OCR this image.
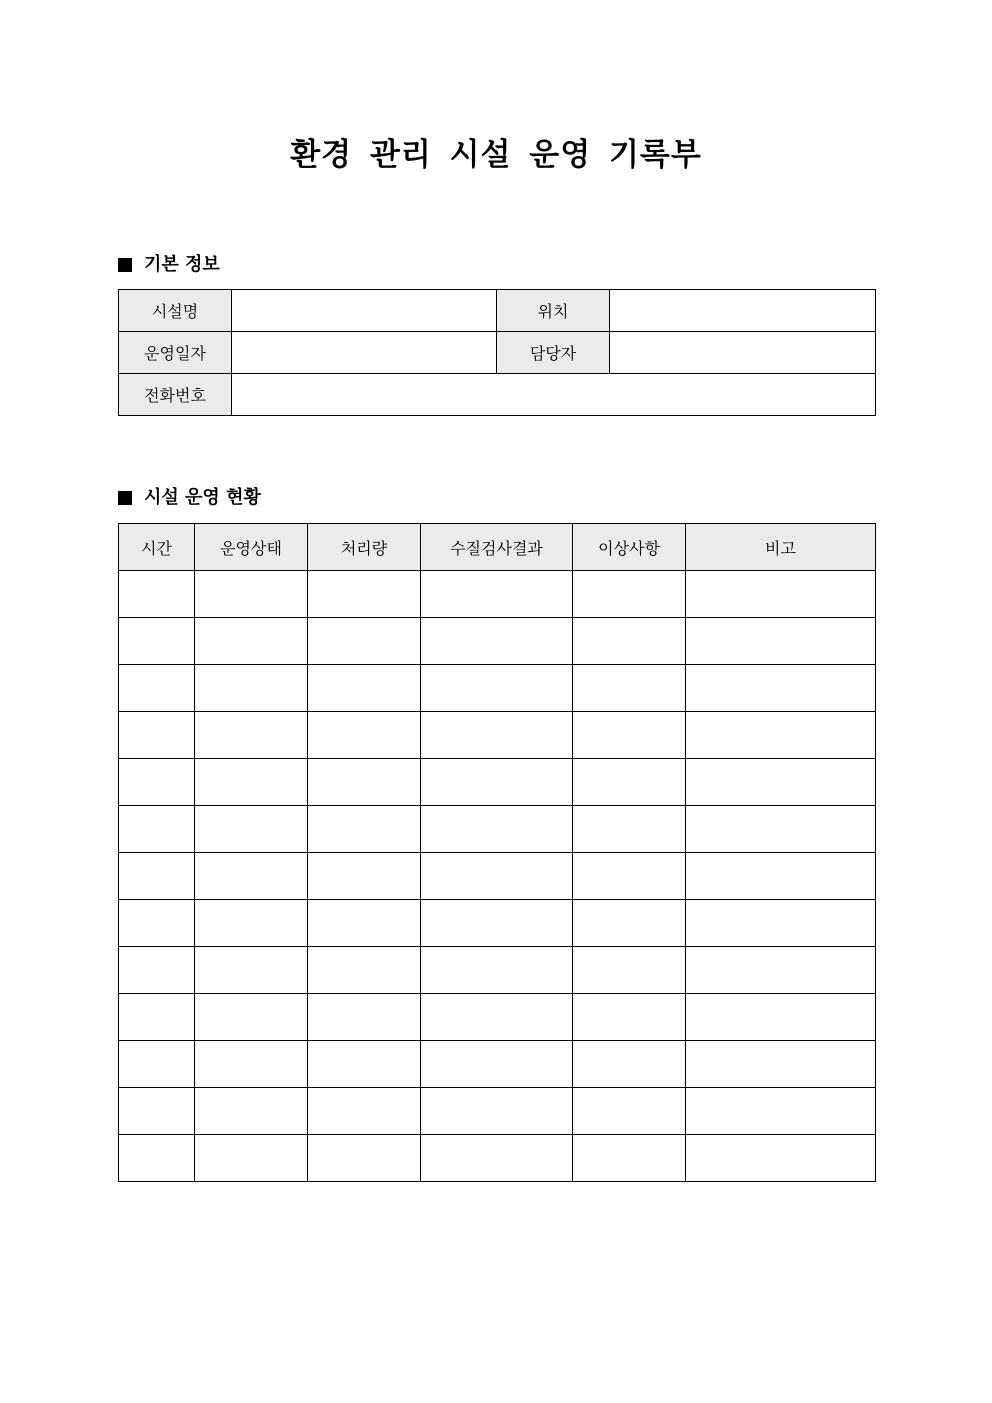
환경 관리 시설 운영 기록부
기본 정보
시설명		위치	
운영일자		담당자	
전화번호			
시설 운영 현황
시간	운영상태	처리량	수질검사결과	이상사항	비고
